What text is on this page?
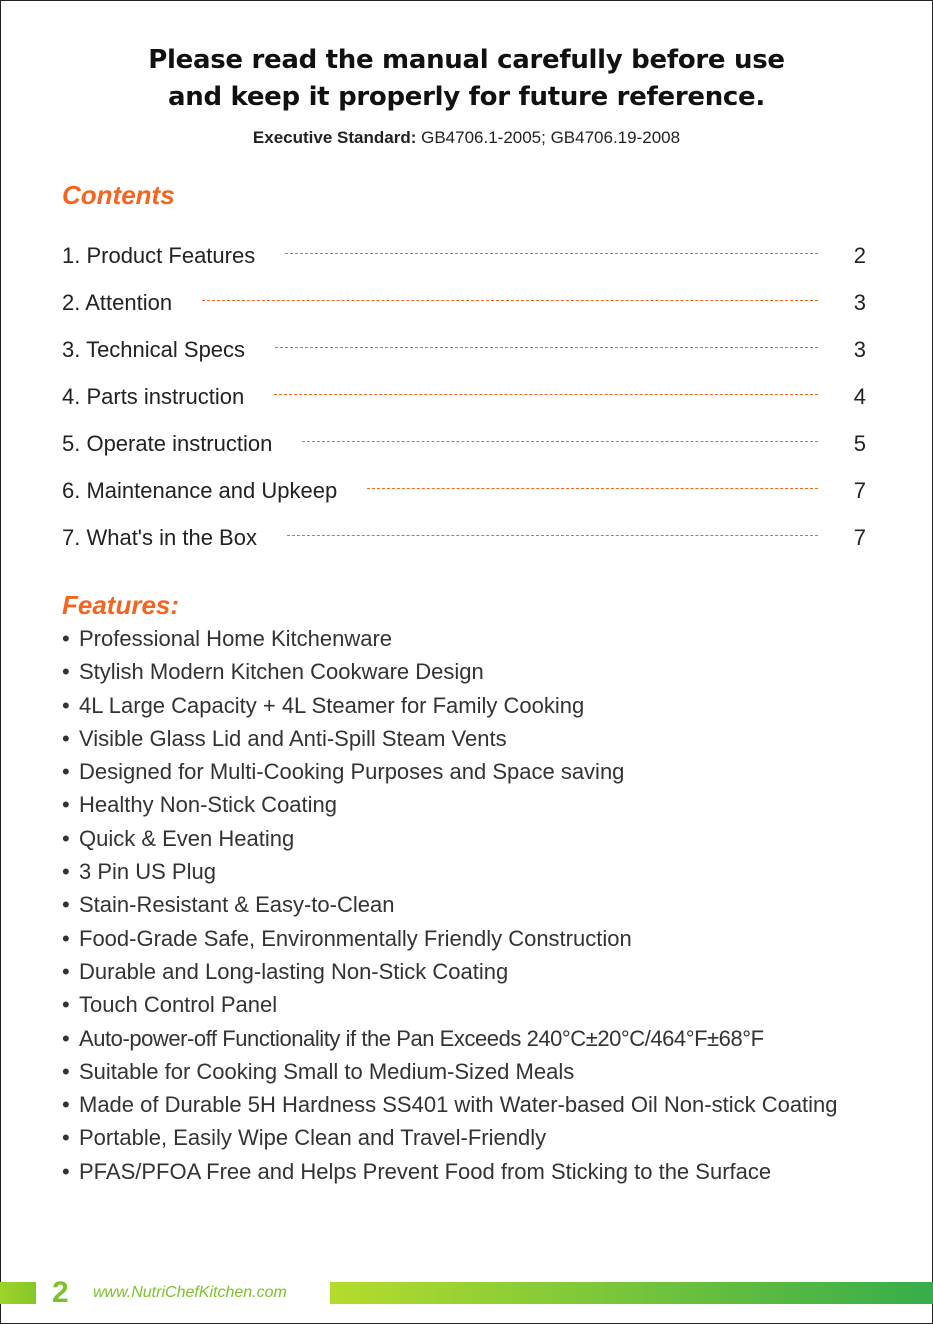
Please read the manual carefully before use

and keep it properly for future reference.

Executive Standard: GB4706.1-2005; GB4706.19-2008
Contents
1. Product Features	2
2. Attention	3
3. Technical Specs	3
4. Parts instruction	4
5. Operate instruction	5
6. Maintenance and Upkeep	7
7. What's in the Box	7
Features:
• Professional Home Kitchenware
• Stylish Modern Kitchen Cookware Design
• 4L Large Capacity + 4L Steamer for Family Cooking
• Visible Glass Lid and Anti-Spill Steam Vents
• Designed for Multi-Cooking Purposes and Space saving
• Healthy Non-Stick Coating
• Quick & Even Heating
• 3 Pin US Plug
• Stain-Resistant & Easy-to-Clean
• Food-Grade Safe, Environmentally Friendly Construction
• Durable and Long-lasting Non-Stick Coating
• Touch Control Panel
• Auto-power-off Functionality if the Pan Exceeds 240°C±20°C/464°F±68°F
• Suitable for Cooking Small to Medium-Sized Meals
• Made of Durable 5H Hardness SS401 with Water-based Oil Non-stick Coating
• Portable, Easily Wipe Clean and Travel-Friendly
• PFAS/PFOA Free and Helps Prevent Food from Sticking to the Surface
2 www.NutriChefKitchen.com
